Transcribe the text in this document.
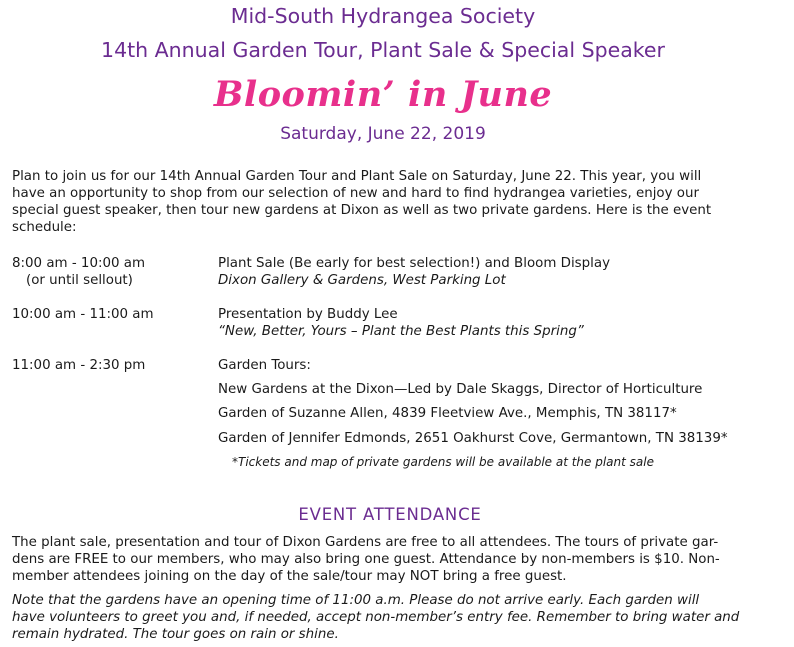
Mid-South Hydrangea Society
14th Annual Garden Tour, Plant Sale & Special Speaker
Bloomin’ in June
Saturday, June 22, 2019
Plan to join us for our 14th Annual Garden Tour and Plant Sale on Saturday, June 22. This year, you will
have an opportunity to shop from our selection of new and hard to find hydrangea varieties, enjoy our
special guest speaker, then tour new gardens at Dixon as well as two private gardens. Here is the event
schedule:
8:00 am - 10:00 am
(or until sellout)
Plant Sale (Be early for best selection!) and Bloom Display
Dixon Gallery & Gardens, West Parking Lot
10:00 am - 11:00 am	Presentation by Buddy Lee
“New, Better, Yours – Plant the Best Plants this Spring”
11:00 am - 2:30 pm	Garden Tours:
New Gardens at the Dixon—Led by Dale Skaggs, Director of Horticulture
Garden of Suzanne Allen, 4839 Fleetview Ave., Memphis, TN 38117*
Garden of Jennifer Edmonds, 2651 Oakhurst Cove, Germantown, TN 38139*
*Tickets and map of private gardens will be available at the plant sale
EVENT ATTENDANCE
The plant sale, presentation and tour of Dixon Gardens are free to all attendees. The tours of private gar-
dens are FREE to our members, who may also bring one guest. Attendance by non-members is $10. Non-
member attendees joining on the day of the sale/tour may NOT bring a free guest.
Note that the gardens have an opening time of 11:00 a.m. Please do not arrive early. Each garden will
have volunteers to greet you and, if needed, accept non-member’s entry fee. Remember to bring water and
remain hydrated. The tour goes on rain or shine.
